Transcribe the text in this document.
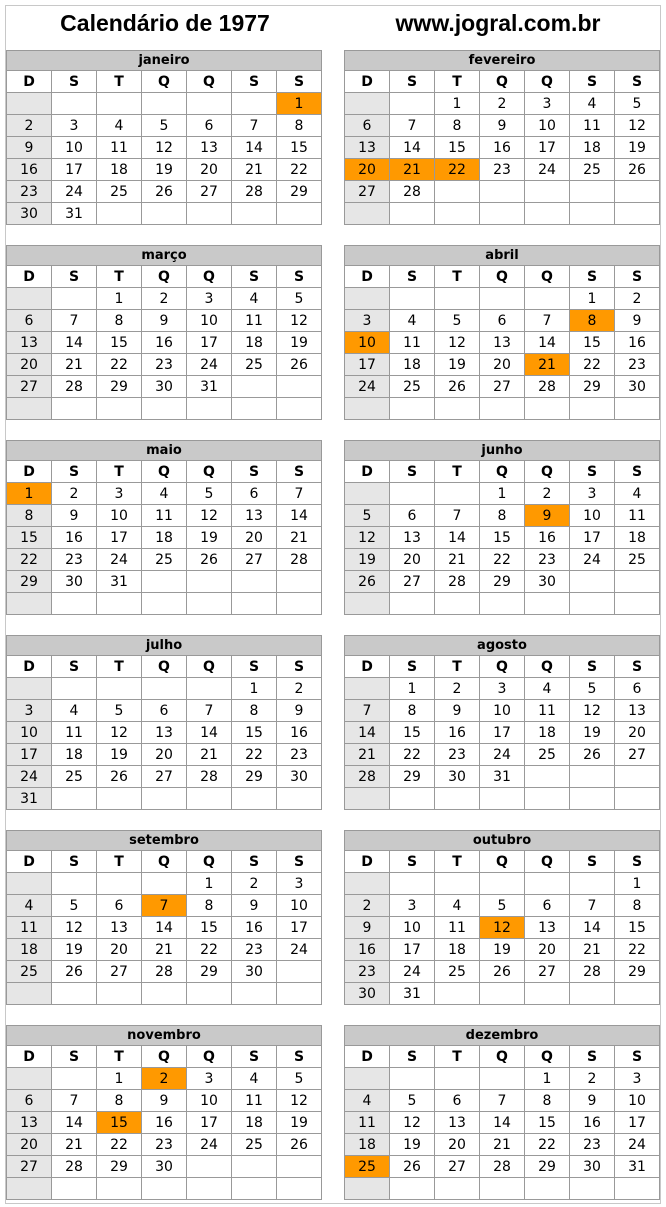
Calendário de 1977	www.jogral.com.br
janeiro						
D	S	T	Q	Q	S	S
						1
2	3	4	5	6	7	8
9	10	11	12	13	14	15
16	17	18	19	20	21	22
23	24	25	26	27	28	29
30	31					
fevereiro						
D	S	T	Q	Q	S	S
		1	2	3	4	5
6	7	8	9	10	11	12
13	14	15	16	17	18	19
20	21	22	23	24	25	26
27	28					

março						
D	S	T	Q	Q	S	S
		1	2	3	4	5
6	7	8	9	10	11	12
13	14	15	16	17	18	19
20	21	22	23	24	25	26
27	28	29	30	31		

abril						
D	S	T	Q	Q	S	S
					1	2
3	4	5	6	7	8	9
10	11	12	13	14	15	16
17	18	19	20	21	22	23
24	25	26	27	28	29	30

maio						
D	S	T	Q	Q	S	S
1	2	3	4	5	6	7
8	9	10	11	12	13	14
15	16	17	18	19	20	21
22	23	24	25	26	27	28
29	30	31				

junho						
D	S	T	Q	Q	S	S
			1	2	3	4
5	6	7	8	9	10	11
12	13	14	15	16	17	18
19	20	21	22	23	24	25
26	27	28	29	30		

julho						
D	S	T	Q	Q	S	S
					1	2
3	4	5	6	7	8	9
10	11	12	13	14	15	16
17	18	19	20	21	22	23
24	25	26	27	28	29	30
31						
agosto						
D	S	T	Q	Q	S	S
	1	2	3	4	5	6
7	8	9	10	11	12	13
14	15	16	17	18	19	20
21	22	23	24	25	26	27
28	29	30	31			

setembro						
D	S	T	Q	Q	S	S
				1	2	3
4	5	6	7	8	9	10
11	12	13	14	15	16	17
18	19	20	21	22	23	24
25	26	27	28	29	30	

outubro						
D	S	T	Q	Q	S	S
						1
2	3	4	5	6	7	8
9	10	11	12	13	14	15
16	17	18	19	20	21	22
23	24	25	26	27	28	29
30	31					
novembro						
D	S	T	Q	Q	S	S
		1	2	3	4	5
6	7	8	9	10	11	12
13	14	15	16	17	18	19
20	21	22	23	24	25	26
27	28	29	30			

dezembro						
D	S	T	Q	Q	S	S
				1	2	3
4	5	6	7	8	9	10
11	12	13	14	15	16	17
18	19	20	21	22	23	24
25	26	27	28	29	30	31
